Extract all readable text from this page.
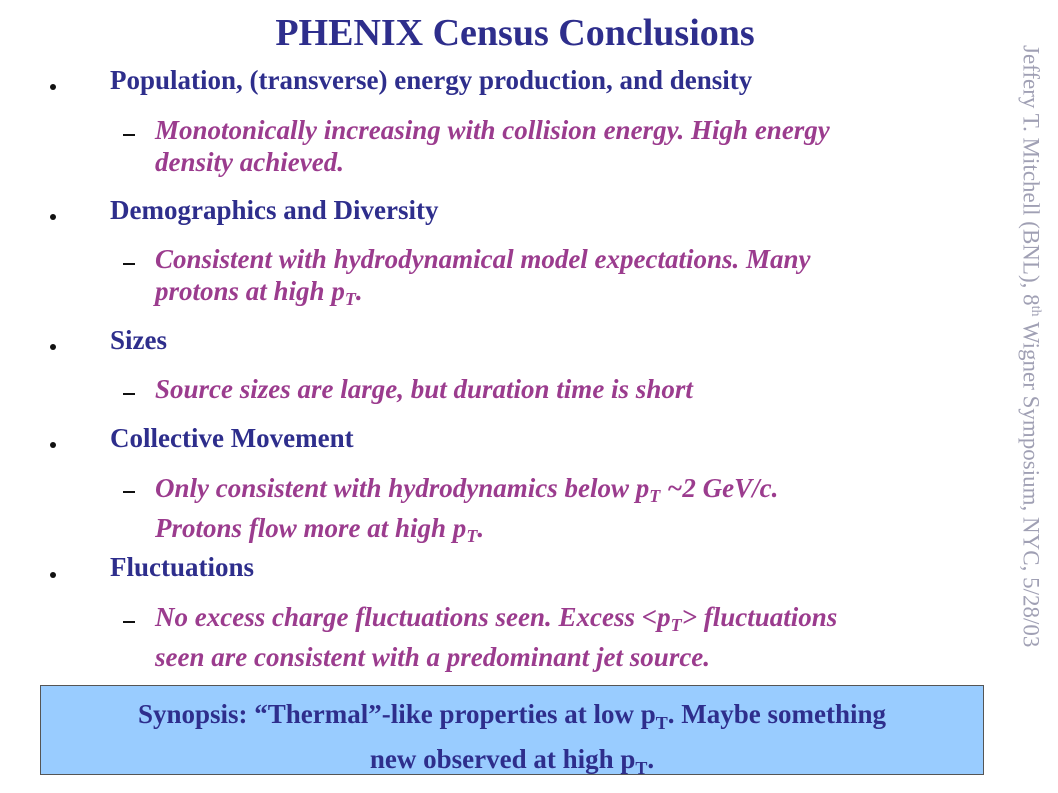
PHENIX Census Conclusions
Population, (transverse) energy production, and density
Monotonically increasing with collision energy. High energy
density achieved.
Demographics and Diversity
Consistent with hydrodynamical model expectations. Many
protons at high $p_T$.
Sizes
Source sizes are large, but duration time is short
Collective Movement
Only consistent with hydrodynamics below $p_T$ ~2 GeV/c.
Protons flow more at high $p_T$.
Fluctuations
No excess charge fluctuations seen. Excess $<p_T>$ fluctuations
seen are consistent with a predominant jet source.
Synopsis: “Thermal”-like properties at low $p_T$. Maybe something
new observed at high $p_T$.
Jeffery T. Mitchell (BNL), 8th Wigner Symposium, NYC, 5/28/03
